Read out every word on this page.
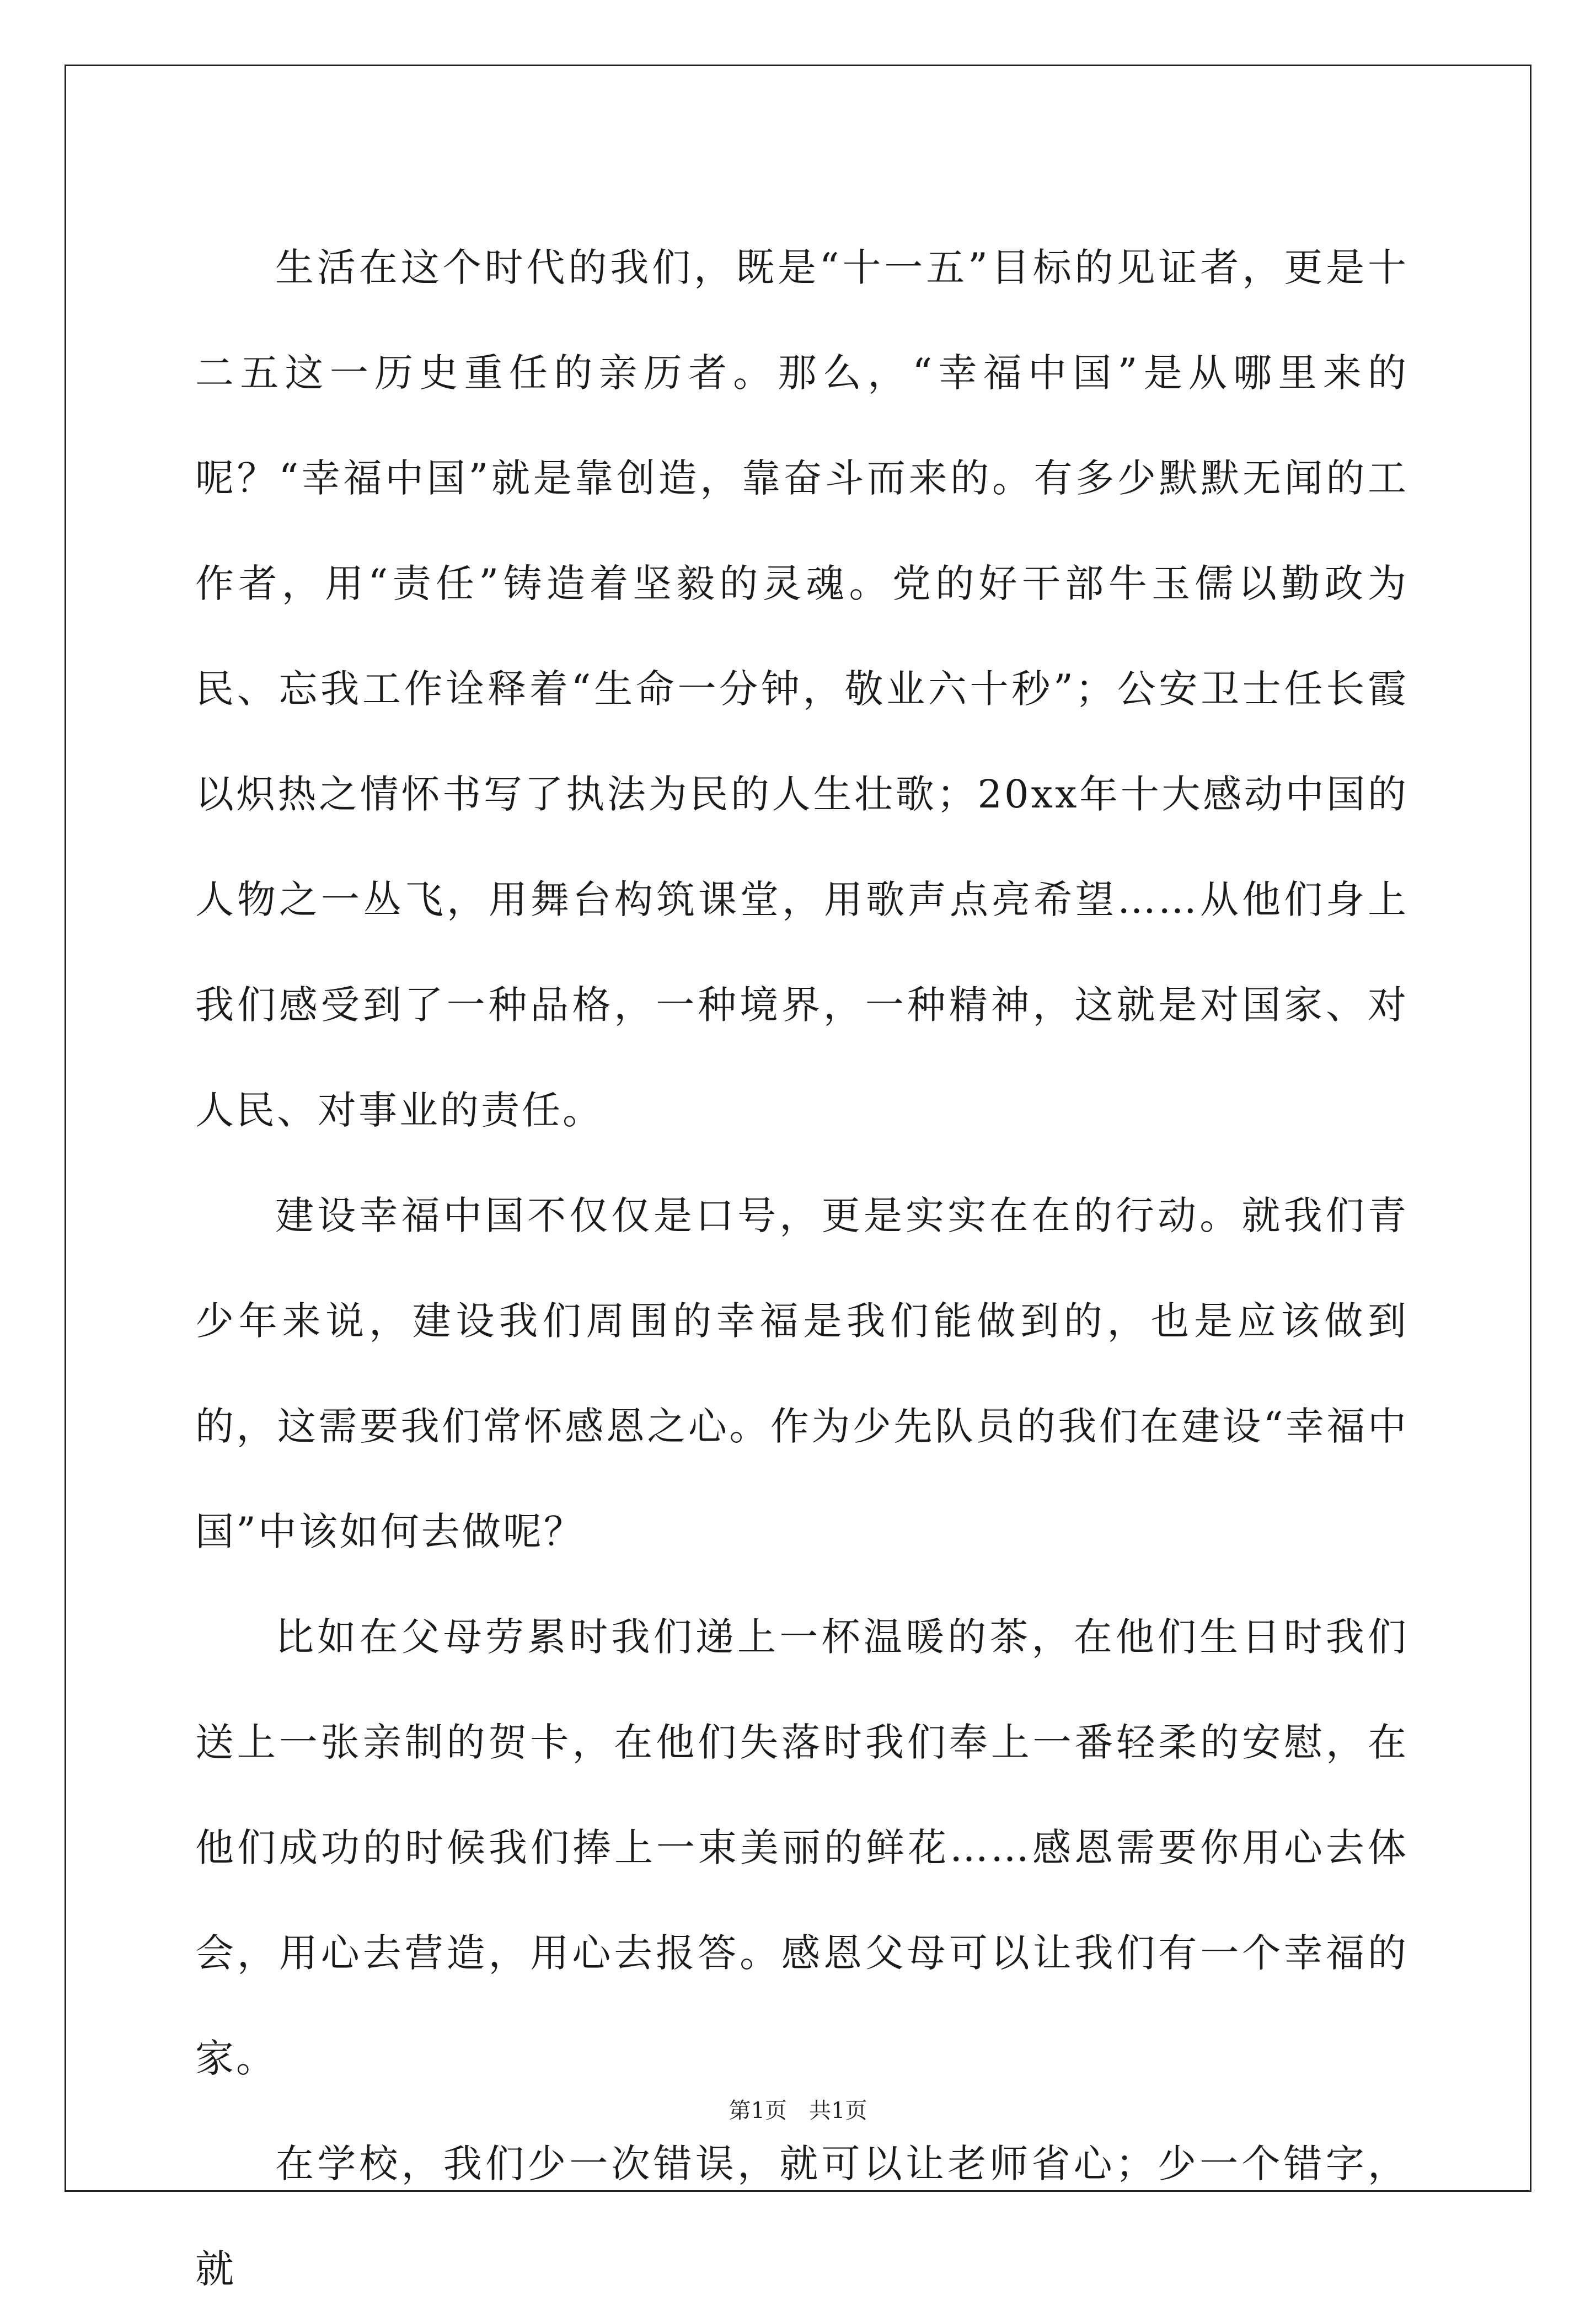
生活在这个时代的我们，既是“十一五”目标的见证者，更是十二五这一历史重任的亲历者。那么，“幸福中国”是从哪里来的呢？“幸福中国”就是靠创造，靠奋斗而来的。有多少默默无闻的工作者，用“责任”铸造着坚毅的灵魂。党的好干部牛玉儒以勤政为民、忘我工作诠释着“生命一分钟，敬业六十秒”；公安卫士任长霞以炽热之情怀书写了执法为民的人生壮歌；20xx年十大感动中国的人物之一丛飞，用舞台构筑课堂，用歌声点亮希望……从他们身上我们感受到了一种品格，一种境界，一种精神，这就是对国家、对人民、对事业的责任。

建设幸福中国不仅仅是口号，更是实实在在的行动。就我们青少年来说，建设我们周围的幸福是我们能做到的，也是应该做到的，这需要我们常怀感恩之心。作为少先队员的我们在建设“幸福中国”中该如何去做呢？

比如在父母劳累时我们递上一杯温暖的茶，在他们生日时我们送上一张亲制的贺卡，在他们失落时我们奉上一番轻柔的安慰，在他们成功的时候我们捧上一束美丽的鲜花……感恩需要你用心去体会，用心去营造，用心去报答。感恩父母可以让我们有一个幸福的家。

在学校，我们少一次错误，就可以让老师省心；少一个错字，就

第1页 共1页
